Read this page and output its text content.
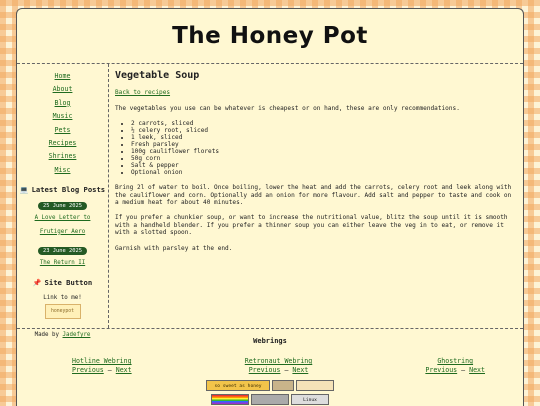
The Honey Pot
Home
About
Blog
Music
Pets
Recipes
Shrines
Misc
💻 Latest Blog Posts
25 June 2025
A Love Letter to Frutiger Aero
23 June 2025
The Return II
📌 Site Button
Link to me!
honeypot
Made by Jadefyre
Vegetable Soup

Back to recipes

The vegetables you use can be whatever is cheapest or on hand, these are only recommendations.

• 2 carrots, sliced
• ½ celery root, sliced
• 1 leek, sliced
• Fresh parsley
• 100g cauliflower florets
• 50g corn
• Salt & pepper
• Optional onion

Bring 2l of water to boil. Once boiling, lower the heat and add the carrots, celery root and leek along with the cauliflower and corn. Optionally add an onion for more flavour. Add salt and pepper to taste and cook on a medium heat for about 40 minutes.

If you prefer a chunkier soup, or want to increase the nutritional value, blitz the soup until it is smooth with a handheld blender. If you prefer a thinner soup you can either leave the veg in to eat, or remove it with a slotted spoon.

Garnish with parsley at the end.

Webrings
Hotline Webring
Previous – Next
Retronaut Webring
Previous – Next
Ghostring
Previous – Next
so sweet as honey
Linux
